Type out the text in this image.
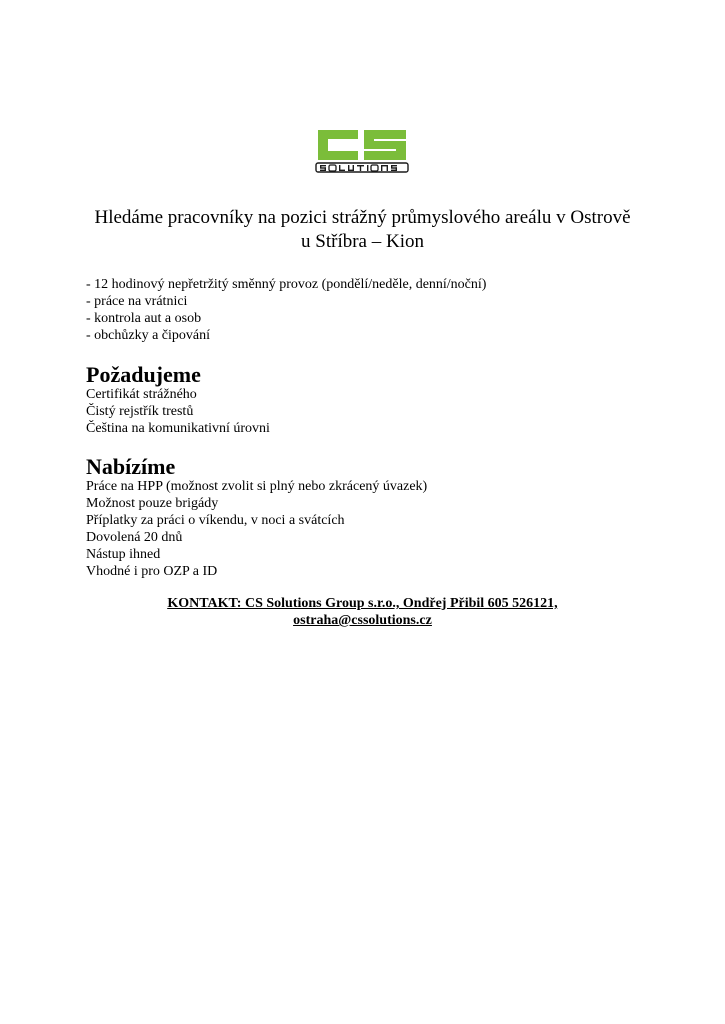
Hledáme pracovníky na pozici strážný průmyslového areálu v Ostrově
u Stříbra – Kion
- 12 hodinový nepřetržitý směnný provoz (pondělí/neděle, denní/noční)
- práce na vrátnici
- kontrola aut a osob
- obchůzky a čipování
Požadujeme
Certifikát strážného
Čistý rejstřík trestů
Čeština na komunikativní úrovni
Nabízíme
Práce na HPP (možnost zvolit si plný nebo zkrácený úvazek)
Možnost pouze brigády
Příplatky za práci o víkendu, v noci a svátcích
Dovolená 20 dnů
Nástup ihned
Vhodné i pro OZP a ID
KONTAKT: CS Solutions Group s.r.o., Ondřej Přibil 605 526121,
ostraha@cssolutions.cz
